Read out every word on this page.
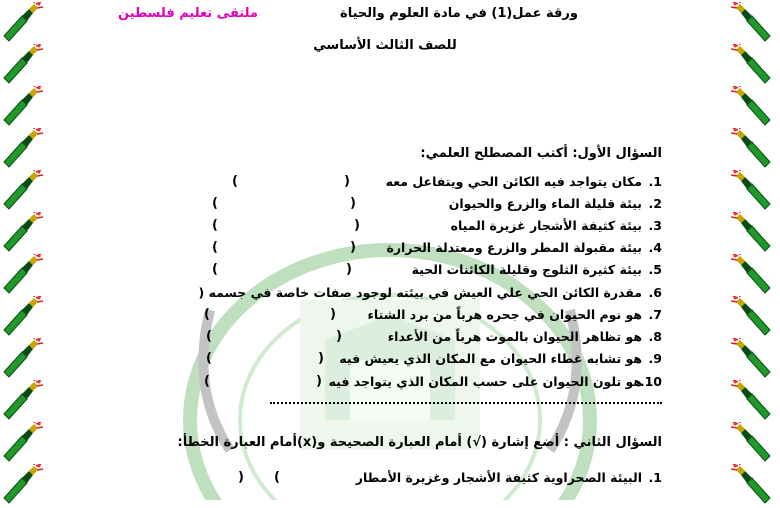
ملتقى تعليم فلسطين	ورقة عمل(1) في مادة العلوم والحياة
للصف الثالث الأساسي
السؤال الأول: أكتب المصطلح العلمي:
مكان يتواجد فيه الكائن الحي ويتفاعل معه .1
بيئة قليلة الماء والزرع والحيوان .2
بيئة كثيفة الأشجار غزيرة المياه .3
بيئة مقبولة المطر والزرع ومعتدلة الحرارة .4
بيئة كثيرة الثلوج وقليلة الكائنات الحية .5
مقدرة الكائن الحي علي العيش في بيئته لوجود صفات خاصة في جسمه ( .6
هو نوم الحيوان في جحره هرباً من برد الشتاء .7
هو تظاهر الحيوان بالموت هرباً من الأعداء .8
هو تشابه غطاء الحيوان مع المكان الذي يعيش فيه .9
هو تلون الحيوان على حسب المكان الذي يتواجد فيه
.10
(	)
(	)
(	)
(	)
(	)
(	)
(	)
(	)
(	)
السؤال الثاني : أضع إشارة (√) أمام العبارة الصحيحة و(x)أمام العبارة الخطأ:
البيئة الصحراوية كثيفة الأشجار وغزيرة الأمطار .1
) (
